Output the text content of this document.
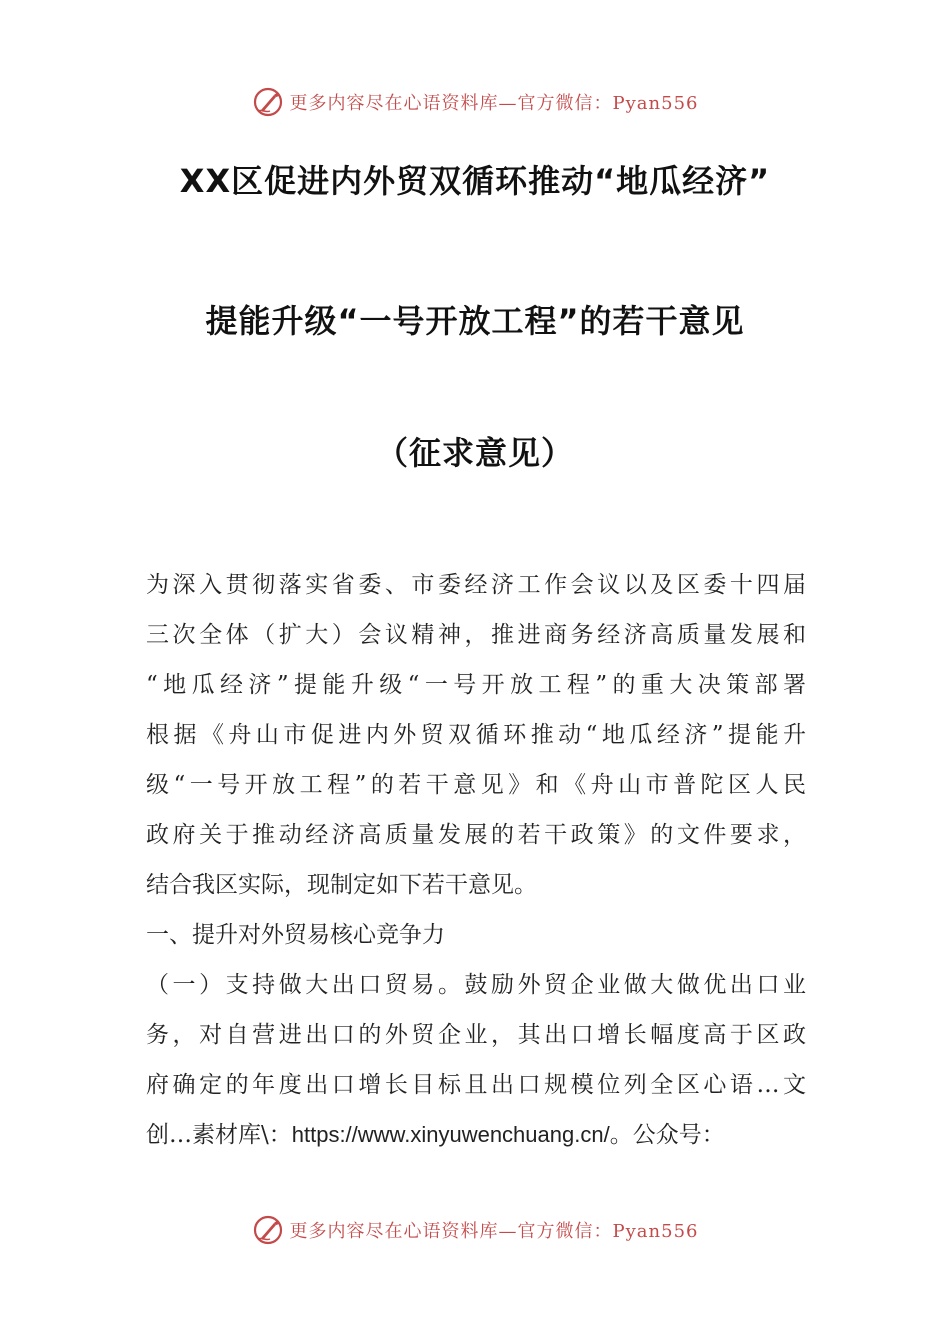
更多内容尽在心语资料库—官方微信：Pyan556
XX区促进内外贸双循环推动“地瓜经济”
提能升级“一号开放工程”的若干意见
（征求意见）
为深入贯彻落实省委、市委经济工作会议以及区委十四届
三次全体（扩大）会议精神，推进商务经济高质量发展和
“地瓜经济”提能升级“一号开放工程”的重大决策部署
根据《舟山市促进内外贸双循环推动“地瓜经济”提能升
级“一号开放工程”的若干意见》和《舟山市普陀区人民
政府关于推动经济高质量发展的若干政策》的文件要求，
结合我区实际，现制定如下若干意见。
一、提升对外贸易核心竞争力
（一）支持做大出口贸易。鼓励外贸企业做大做优出口业
务，对自营进出口的外贸企业，其出口增长幅度高于区政
府确定的年度出口增长目标且出口规模位列全区心语…文
创…素材库\：https://www.xinyuwenchuang.cn/。公众号：
更多内容尽在心语资料库—官方微信：Pyan556
